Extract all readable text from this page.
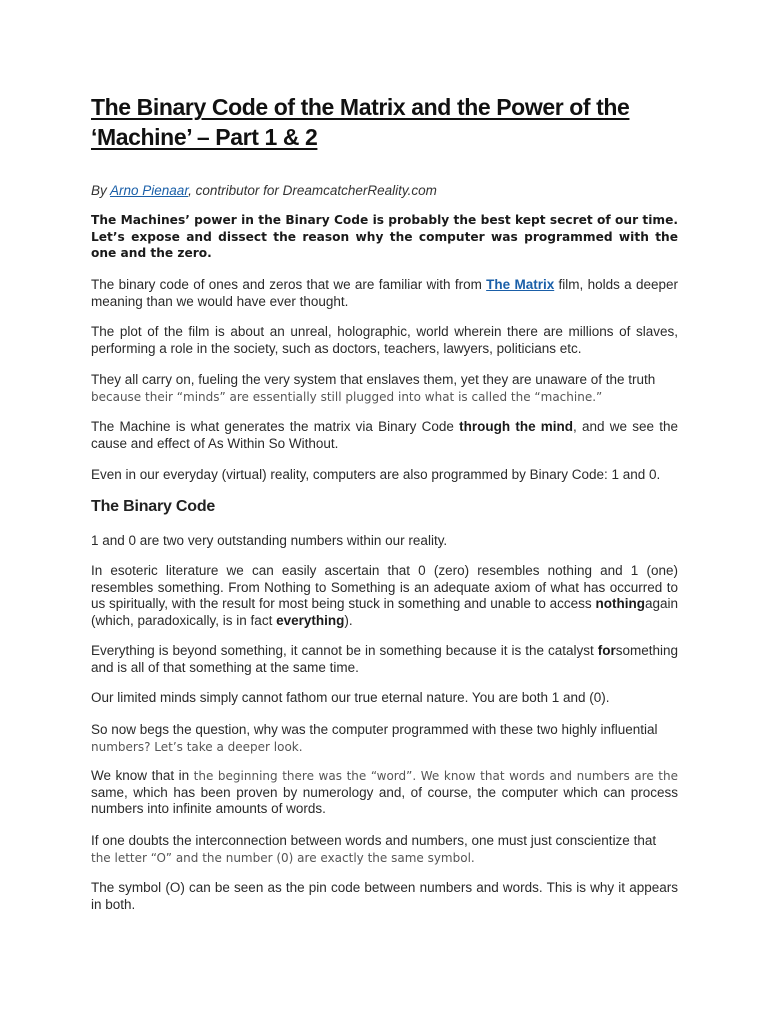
The Binary Code of the Matrix and the Power of the
‘Machine’ – Part 1 & 2

By Arno Pienaar, contributor for DreamcatcherReality.com

The Machines’ power in the Binary Code is probably the best kept secret of our time. Let’s expose and dissect the reason why the computer was programmed with the one and the zero.

The binary code of ones and zeros that we are familiar with from The Matrix film, holds a deeper meaning than we would have ever thought.

The plot of the film is about an unreal, holographic, world wherein there are millions of slaves, performing a role in the society, such as doctors, teachers, lawyers, politicians etc.

They all carry on, fueling the very system that enslaves them, yet they are unaware of the truth
because their “minds” are essentially still plugged into what is called the “machine.”

The Machine is what generates the matrix via Binary Code through the mind, and we see the cause and effect of As Within So Without.

Even in our everyday (virtual) reality, computers are also programmed by Binary Code: 1 and 0.

The Binary Code

1 and 0 are two very outstanding numbers within our reality.

In esoteric literature we can easily ascertain that 0 (zero) resembles nothing and 1 (one) resembles something. From Nothing to Something is an adequate axiom of what has occurred to us spiritually, with the result for most being stuck in something and unable to access nothingagain (which, paradoxically, is in fact everything).

Everything is beyond something, it cannot be in something because it is the catalyst forsomething and is all of that something at the same time.

Our limited minds simply cannot fathom our true eternal nature. You are both 1 and (0).

So now begs the question, why was the computer programmed with these two highly influential
numbers? Let’s take a deeper look.

We know that in the beginning there was the “word”. We know that words and numbers are the same, which has been proven by numerology and, of course, the computer which can process numbers into infinite amounts of words.

If one doubts the interconnection between words and numbers, one must just conscientize that
the letter “O” and the number (0) are exactly the same symbol.

The symbol (O) can be seen as the pin code between numbers and words. This is why it appears in both.
